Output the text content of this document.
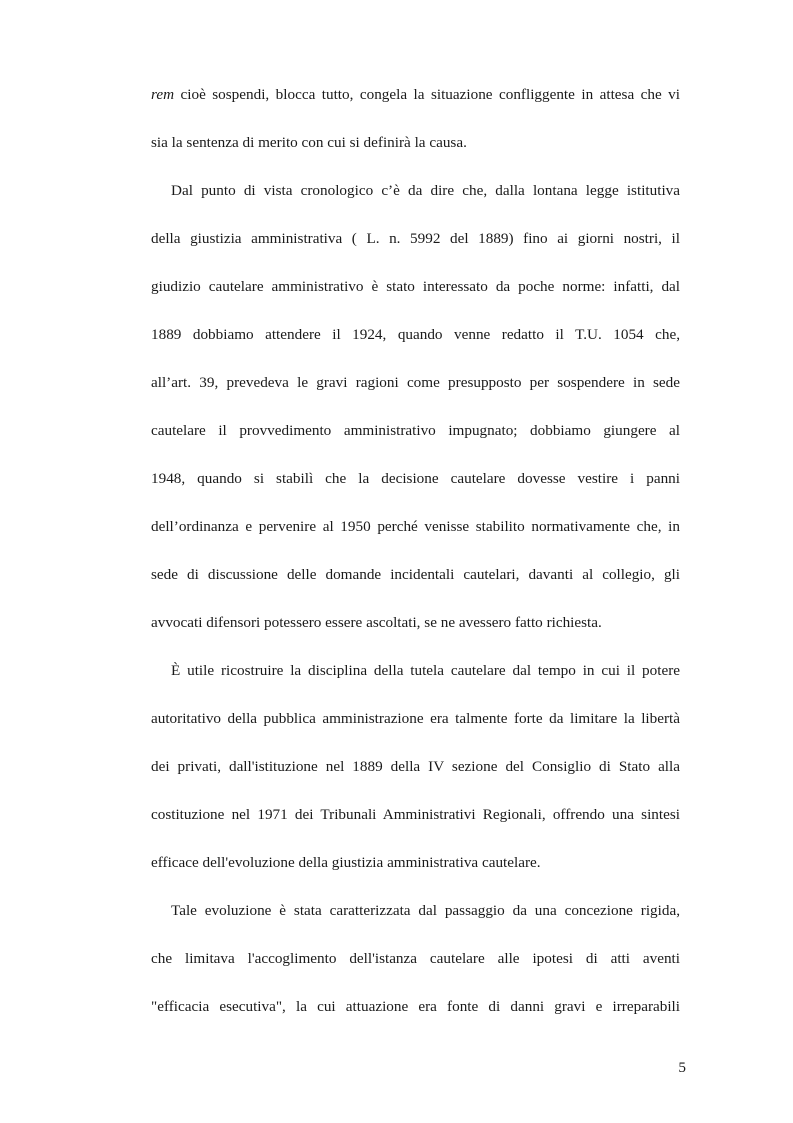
rem cioè sospendi, blocca tutto, congela la situazione confliggente in attesa che vi
sia la sentenza di merito con cui si definirà la causa.
Dal punto di vista cronologico c’è da dire che, dalla lontana legge istitutiva
della giustizia amministrativa ( L. n. 5992 del 1889) fino ai giorni nostri, il
giudizio cautelare amministrativo è stato interessato da poche norme: infatti, dal
1889 dobbiamo attendere il 1924, quando venne redatto il T.U. 1054 che,
all’art. 39, prevedeva le gravi ragioni come presupposto per sospendere in sede
cautelare il provvedimento amministrativo impugnato; dobbiamo giungere al
1948, quando si stabilì che la decisione cautelare dovesse vestire i panni
dell’ordinanza e pervenire al 1950 perché venisse stabilito normativamente che, in
sede di discussione delle domande incidentali cautelari, davanti al collegio, gli
avvocati difensori potessero essere ascoltati, se ne avessero fatto richiesta.
È utile ricostruire la disciplina della tutela cautelare dal tempo in cui il potere
autoritativo della pubblica amministrazione era talmente forte da limitare la libertà
dei privati, dall'istituzione nel 1889 della IV sezione del Consiglio di Stato alla
costituzione nel 1971 dei Tribunali Amministrativi Regionali, offrendo una sintesi
efficace dell'evoluzione della giustizia amministrativa cautelare.
Tale evoluzione è stata caratterizzata dal passaggio da una concezione rigida,
che limitava l'accoglimento dell'istanza cautelare alle ipotesi di atti aventi
"efficacia esecutiva", la cui attuazione era fonte di danni gravi e irreparabili
5
